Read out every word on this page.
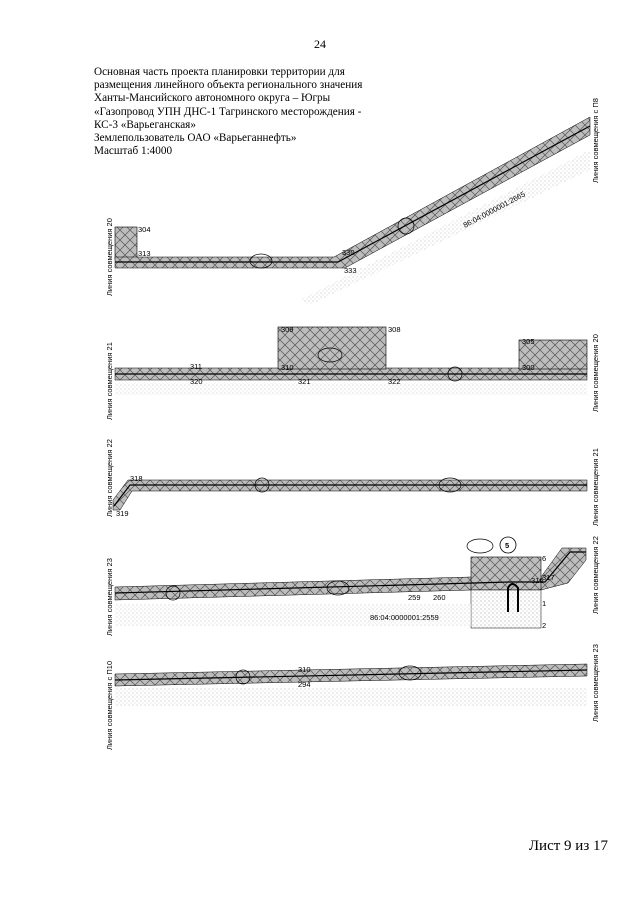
24
Основная часть проекта планировки территории для
размещения линейного объекта регионального значения
Ханты-Мансийского автономного округа – Югры
«Газопровод УПН ДНС-1 Тагринского месторождения -
КС-3 «Варьеганская»
Землепользователь ОАО «Варьеганнефть»
Масштаб 1:4000
304
313
333
330
86:04:0000001:2665
Линия совмещения 20
Линия совмещения с П8
309	308
311	310
320	321	322
305
300
Линия совмещения 21	Линия совмещения 20
318
319
Линия совмещения 22	Линия совмещения 21
5
86:04:0000001:2559
316
317
6
1
2
259 260
Линия совмещения 23	Линия совмещения 22
310
294
Линия совмещения с П10	Линия совмещения 23
Лист 9 из 17
